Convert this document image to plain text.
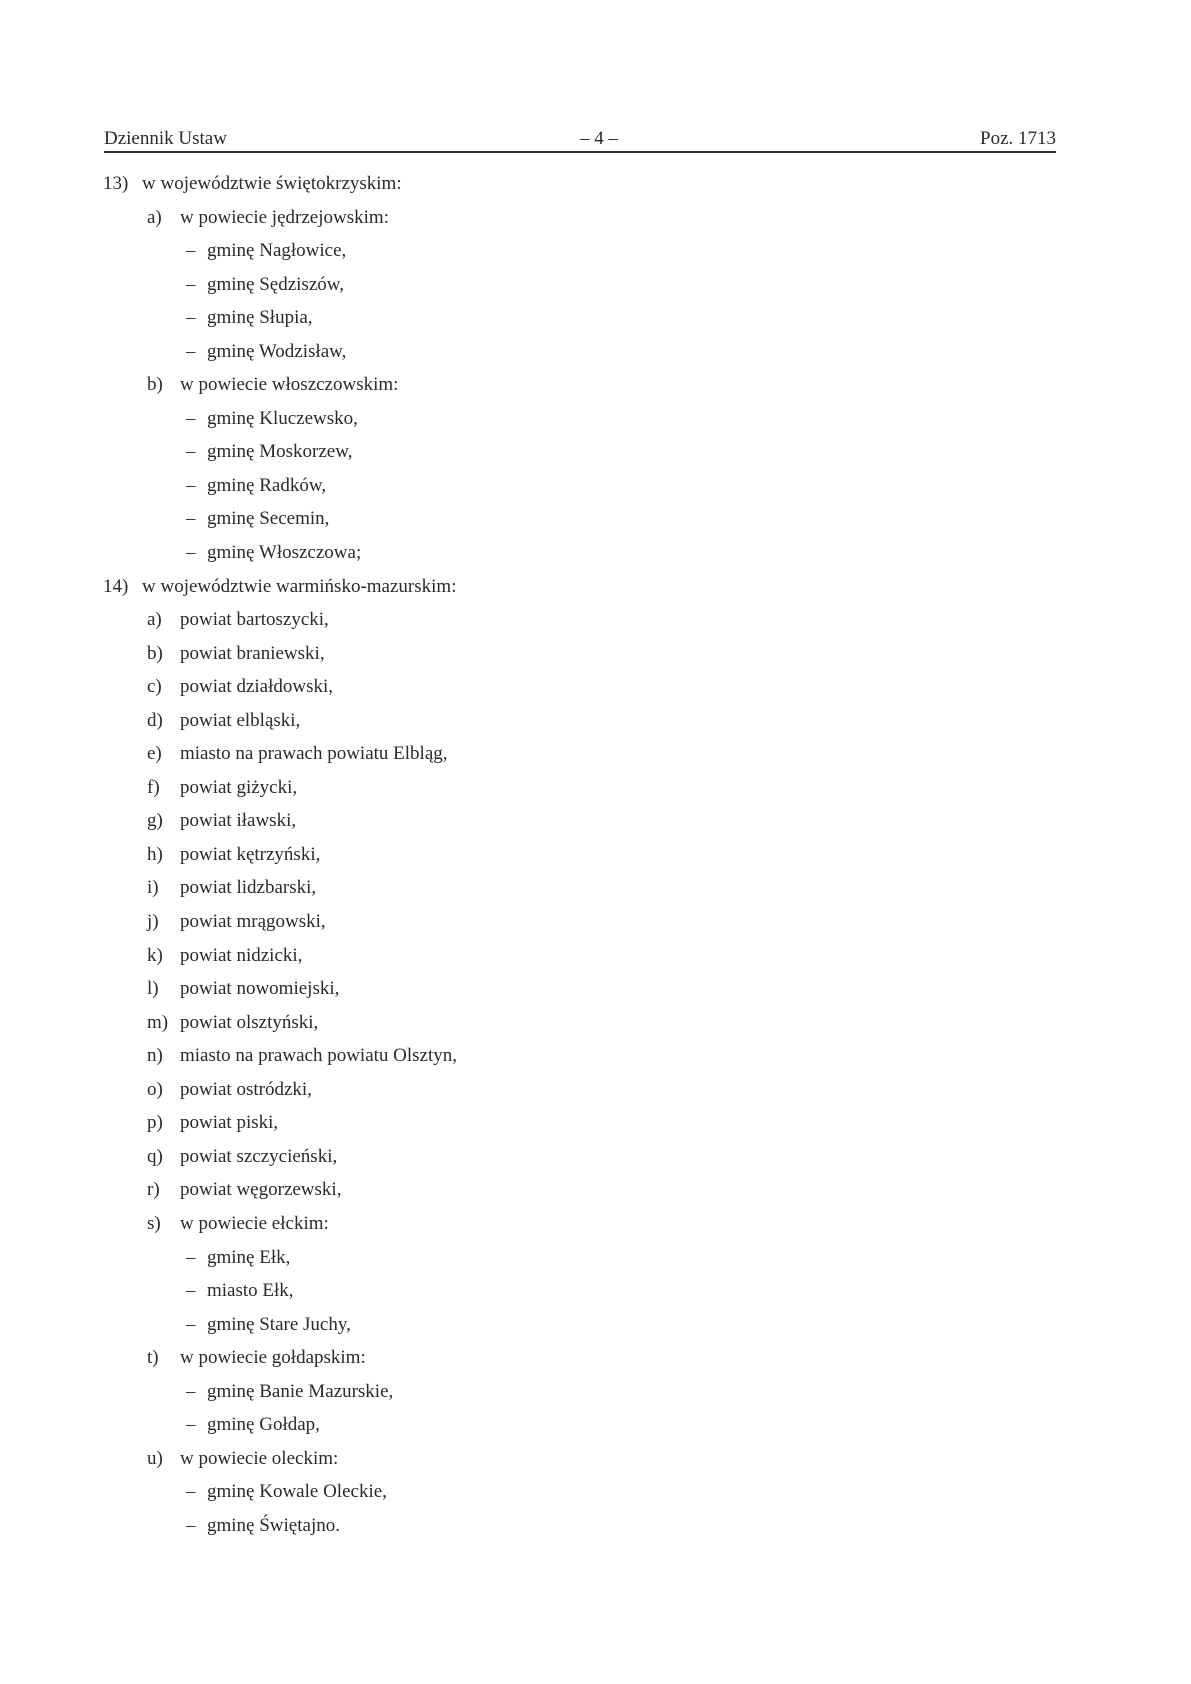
Dziennik Ustaw	– 4 –	Poz. 1713
13) w województwie świętokrzyskim:
a) w powiecie jędrzejowskim:
– gminę Nagłowice,
– gminę Sędziszów,
– gminę Słupia,
– gminę Wodzisław,
b) w powiecie włoszczowskim:
– gminę Kluczewsko,
– gminę Moskorzew,
– gminę Radków,
– gminę Secemin,
– gminę Włoszczowa;
14) w województwie warmińsko-mazurskim:
a) powiat bartoszycki,
b) powiat braniewski,
c) powiat działdowski,
d) powiat elbląski,
e) miasto na prawach powiatu Elbląg,
f) powiat giżycki,
g) powiat iławski,
h) powiat kętrzyński,
i) powiat lidzbarski,
j) powiat mrągowski,
k) powiat nidzicki,
l) powiat nowomiejski,
m) powiat olsztyński,
n) miasto na prawach powiatu Olsztyn,
o) powiat ostródzki,
p) powiat piski,
q) powiat szczycieński,
r) powiat węgorzewski,
s) w powiecie ełckim:
– gminę Ełk,
– miasto Ełk,
– gminę Stare Juchy,
t) w powiecie gołdapskim:
– gminę Banie Mazurskie,
– gminę Gołdap,
u) w powiecie oleckim:
– gminę Kowale Oleckie,
– gminę Świętajno.
